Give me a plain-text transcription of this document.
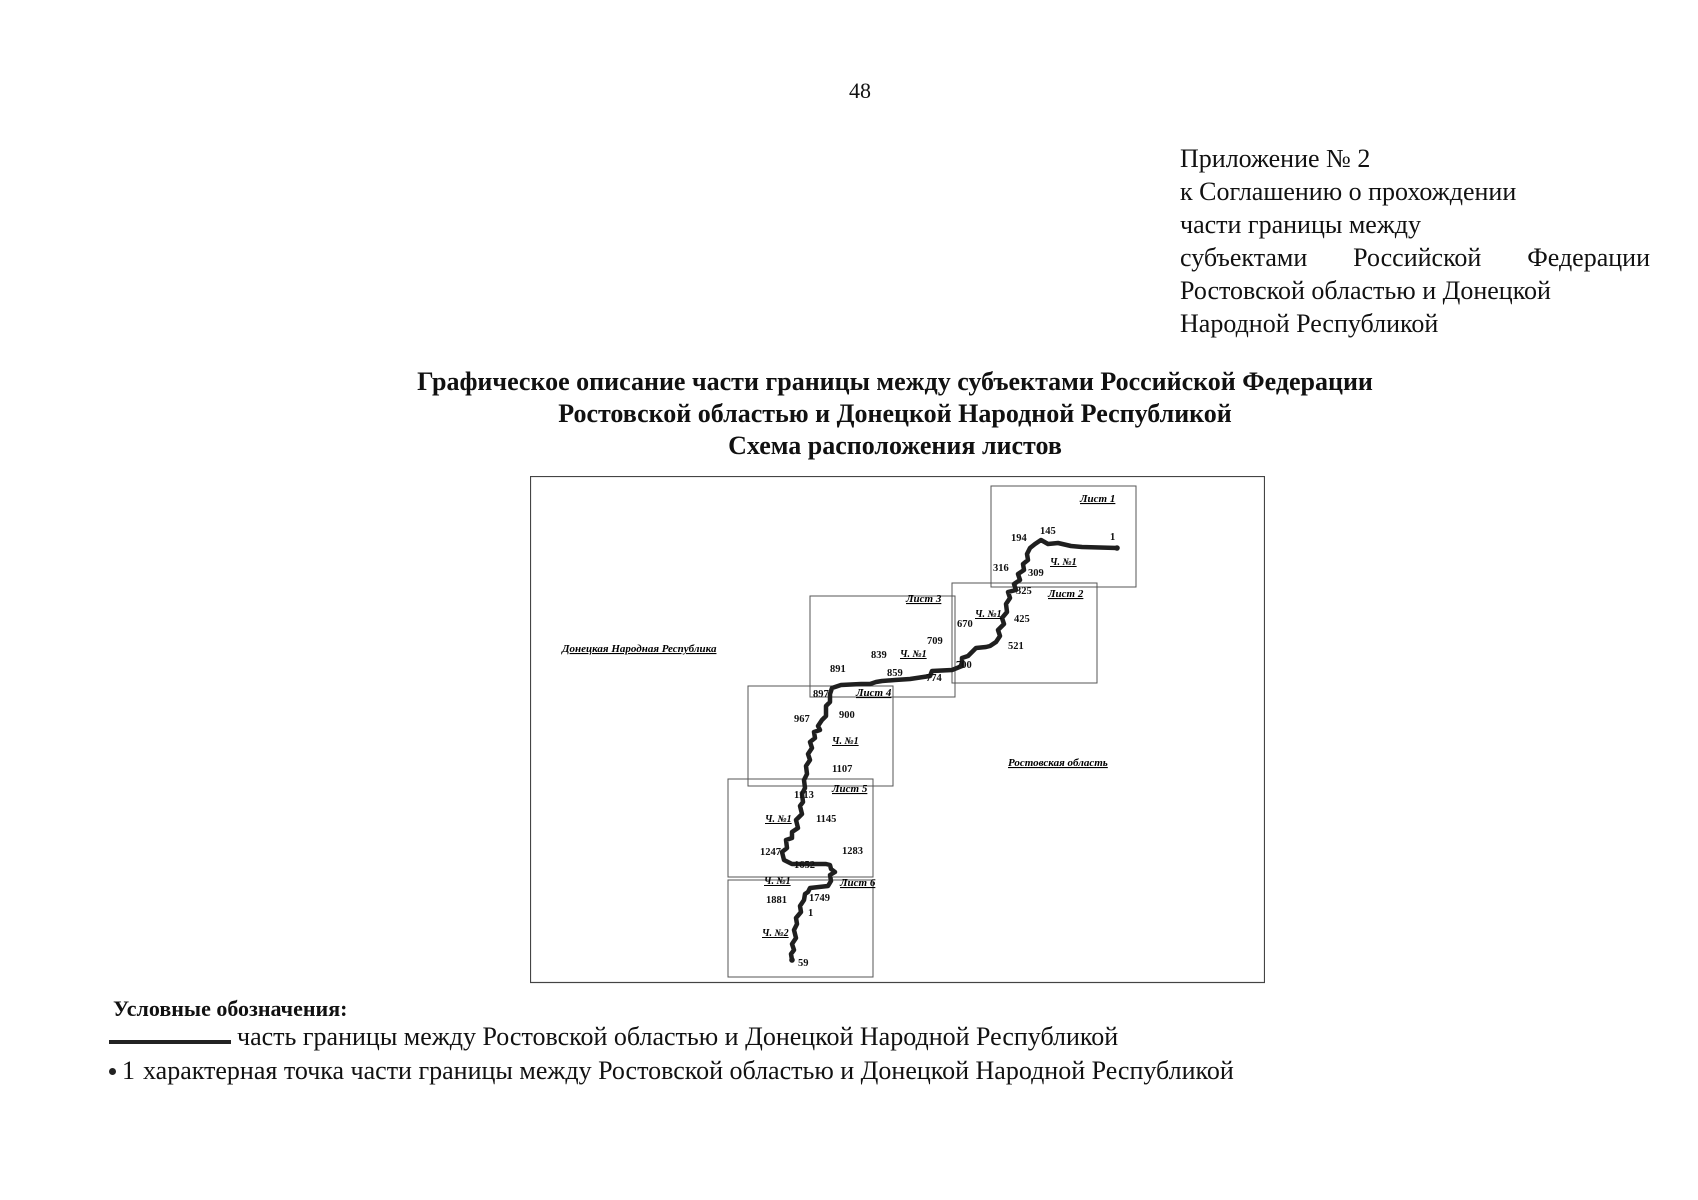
48
Приложение № 2
к Соглашению о прохождении
части границы между
субъектами Российской Федерации
Ростовской областью и Донецкой
Народной Республикой
Графическое описание части границы между субъектами Российской Федерации
Ростовской областью и Донецкой Народной Республикой
Схема расположения листов
Донецкая Народная Республика
Ростовская область
Лист 1
Лист 2
Лист 3
Лист 4
Лист 5
Лист 6
Ч. №1
Ч. №1
Ч. №1
Ч. №1
Ч. №1
Ч. №1
Ч. №2
1
145
194
316 309
325
425
670
521
709
700
839
859 774
891
897
900
967
1107
1113
1145
1247	1283
1652
1749
1881
1
59
Условные обозначения:
часть границы между Ростовской областью и Донецкой Народной Республикой
1 характерная точка части границы между Ростовской областью и Донецкой Народной Республикой
